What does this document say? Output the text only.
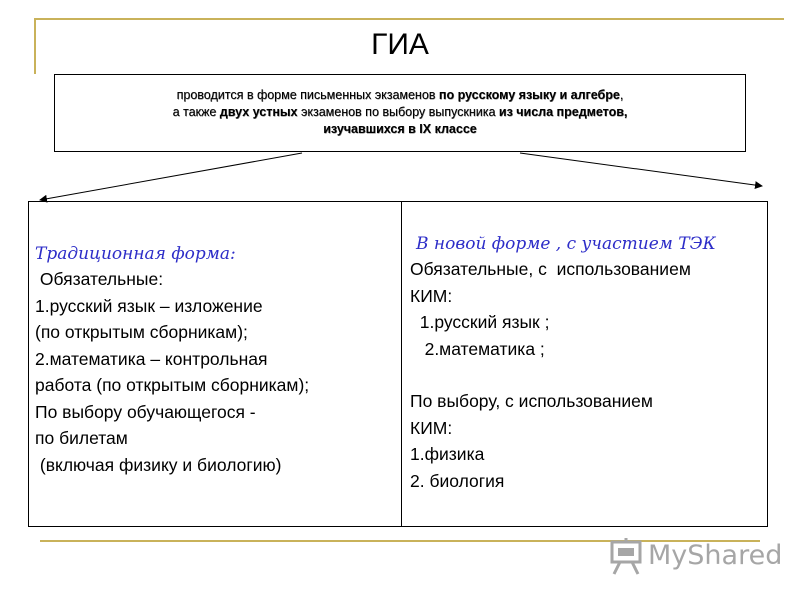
ГИА
проводится в форме письменных экзаменов по русскому языку и алгебре,
а также двух устных экзаменов по выбору выпускника из числа предметов,
изучавшихся в IX классе
Традиционная форма:
Обязательные:
1.русский язык – изложение
(по открытым сборникам);
2.математика – контрольная
работа (по открытым сборникам);
По выбору обучающегося -
по билетам
(включая физику и биологию)
В новой форме , с участием ТЭК
Обязательные, с  использованием
КИМ:
1.русский язык ;
2.математика ;
По выбору, с использованием
КИМ:
1.физика
2. биология
MyShared
